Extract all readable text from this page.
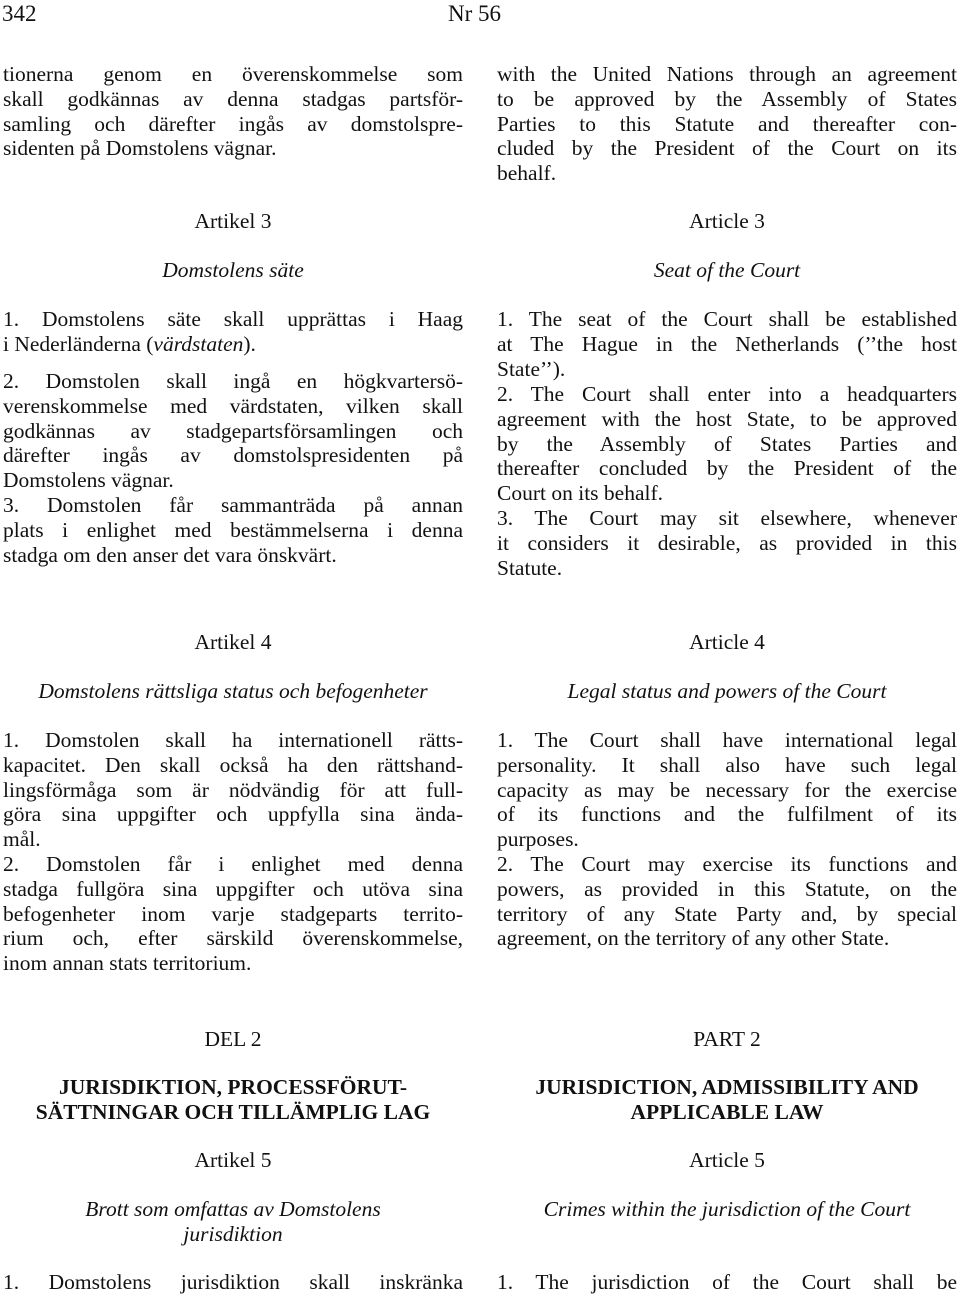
342	Nr 56
tionerna genom en överenskommelse som
skall godkännas av denna stadgas partsför-
samling och därefter ingås av domstolspre-
sidenten på Domstolens vägnar.
Artikel 3
Domstolens säte
1. Domstolens säte skall upprättas i Haag
i Nederländerna (värdstaten).
2. Domstolen skall ingå en högkvartersö-
verenskommelse med värdstaten, vilken skall
godkännas av stadgepartsförsamlingen och
därefter ingås av domstolspresidenten på
Domstolens vägnar.
3. Domstolen får sammanträda på annan
plats i enlighet med bestämmelserna i denna
stadga om den anser det vara önskvärt.
Artikel 4
Domstolens rättsliga status och befogenheter
1. Domstolen skall ha internationell rätts-
kapacitet. Den skall också ha den rättshand-
lingsförmåga som är nödvändig för att full-
göra sina uppgifter och uppfylla sina ända-
mål.
2. Domstolen får i enlighet med denna
stadga fullgöra sina uppgifter och utöva sina
befogenheter inom varje stadgeparts territo-
rium och, efter särskild överenskommelse,
inom annan stats territorium.
DEL 2
JURISDIKTION, PROCESSFÖRUT-
SÄTTNINGAR OCH TILLÄMPLIG LAG
Artikel 5
Brott som omfattas av Domstolens
jurisdiktion
1. Domstolens jurisdiktion skall inskränka
with the United Nations through an agreement
to be approved by the Assembly of States
Parties to this Statute and thereafter con-
cluded by the President of the Court on its
behalf.
Article 3
Seat of the Court
1. The seat of the Court shall be established
at The Hague in the Netherlands (’’the host
State’’).
2. The Court shall enter into a headquarters
agreement with the host State, to be approved
by the Assembly of States Parties and
thereafter concluded by the President of the
Court on its behalf.
3. The Court may sit elsewhere, whenever
it considers it desirable, as provided in this
Statute.
Article 4
Legal status and powers of the Court
1. The Court shall have international legal
personality. It shall also have such legal
capacity as may be necessary for the exercise
of its functions and the fulfilment of its
purposes.
2. The Court may exercise its functions and
powers, as provided in this Statute, on the
territory of any State Party and, by special
agreement, on the territory of any other State.
PART 2
JURISDICTION, ADMISSIBILITY AND
APPLICABLE LAW
Article 5
Crimes within the jurisdiction of the Court
1. The jurisdiction of the Court shall be
